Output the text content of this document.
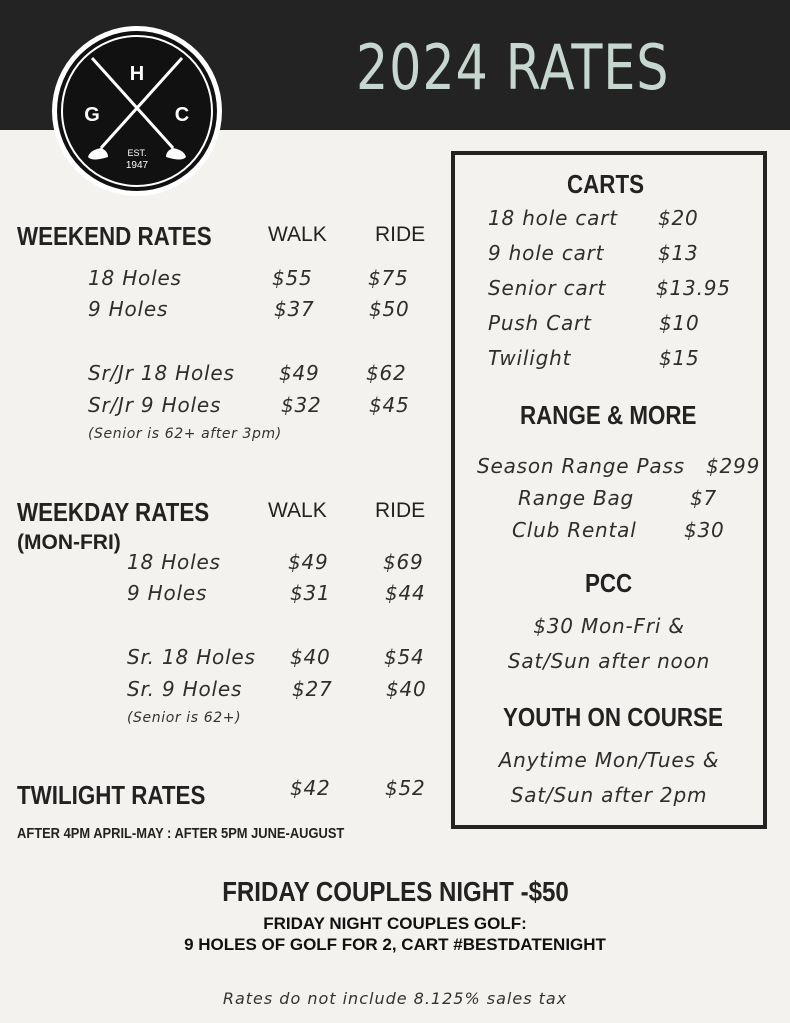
2024 RATES
H
G	C
EST.
1947
WEEKEND RATES	WALK RIDE
18 Holes	$55	$75
9 Holes	$37	$50
Sr/Jr 18 Holes $49 $62
Sr/Jr 9 Holes	$32 $45
(Senior is 62+ after 3pm)
WEEKDAY RATES	WALK RIDE
(MON-FRI)
18 Holes	$49	$69
9 Holes	$31	$44
Sr. 18 Holes $40	$54
Sr. 9 Holes $27	$40
(Senior is 62+)
TWILIGHT RATES	$42	$52
AFTER 4PM APRIL-MAY : AFTER 5PM JUNE-AUGUST
CARTS
18 hole cart $20
9 hole cart	$13
Senior cart $13.95
Push Cart	$10
Twilight	$15
RANGE & MORE
Season Range Pass $299
Range Bag	$7
Club Rental $30
PCC
$30 Mon-Fri &
Sat/Sun after noon
YOUTH ON COURSE
Anytime Mon/Tues &
Sat/Sun after 2pm
FRIDAY COUPLES NIGHT -$50
FRIDAY NIGHT COUPLES GOLF:
9 HOLES OF GOLF FOR 2, CART #BESTDATENIGHT
Rates do not include 8.125% sales tax
